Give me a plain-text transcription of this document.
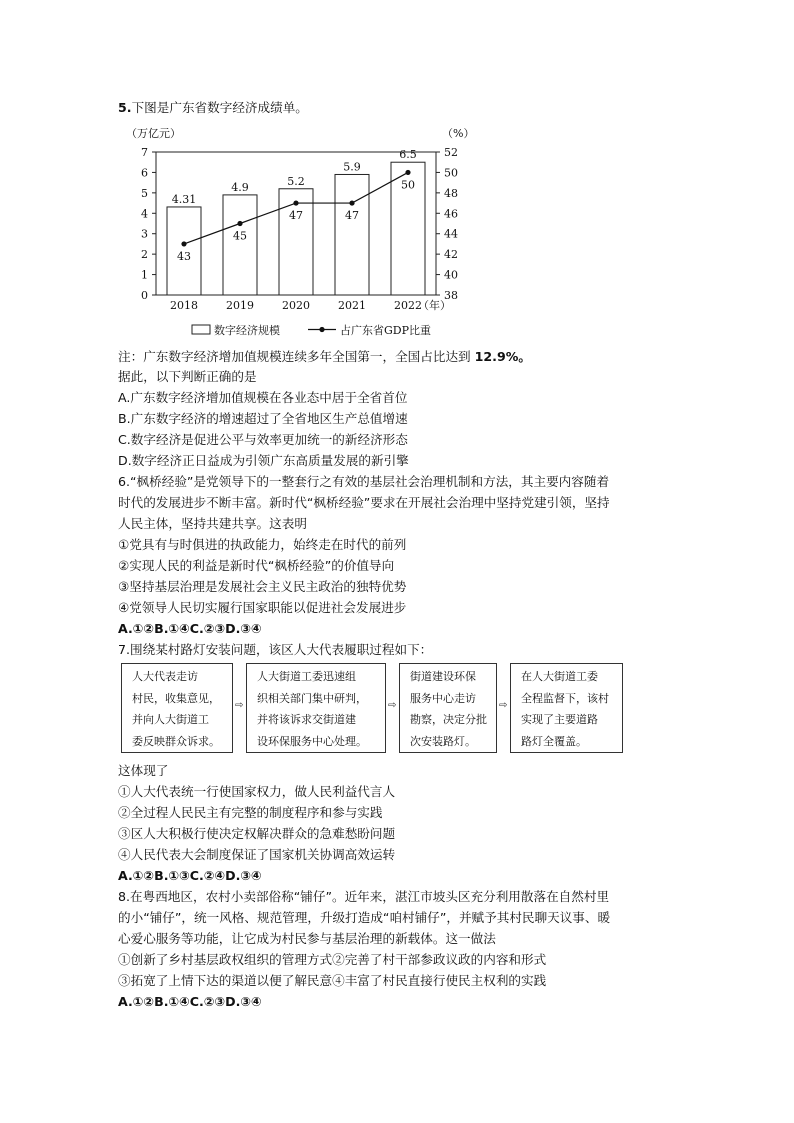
5.下图是广东省数字经济成绩单。
（万亿元）	（%）
0
1
2
3
4
5
6
7
38
40
42
44
46
48
50
52
2018	2019	2020	2021	2022
（年）
数字经济规模	占广东省GDP比重
4.31
4.9	5.2
5.9
6.5
43
45
47	47
50
注：广东数字经济增加值规模连续多年全国第一，全国占比达到 12.9%。
据此，以下判断正确的是
A.广东数字经济增加值规模在各业态中居于全省首位
B.广东数字经济的增速超过了全省地区生产总值增速
C.数字经济是促进公平与效率更加统一的新经济形态
D.数字经济正日益成为引领广东高质量发展的新引擎
6.“枫桥经验”是党领导下的一整套行之有效的基层社会治理机制和方法，其主要内容随着
时代的发展进步不断丰富。新时代“枫桥经验”要求在开展社会治理中坚持党建引领，坚持
人民主体，坚持共建共享。这表明
①党具有与时俱进的执政能力，始终走在时代的前列
②实现人民的利益是新时代“枫桥经验”的价值导向
③坚持基层治理是发展社会主义民主政治的独特优势
④党领导人民切实履行国家职能以促进社会发展进步
A.①②B.①④C.②③D.③④
7.围绕某村路灯安装问题，该区人大代表履职过程如下：
人大代表走访
村民，收集意见，
并向人大街道工
委反映群众诉求。
⇨
人大街道工委迅速组
织相关部门集中研判，
并将该诉求交街道建
设环保服务中心处理。
⇨
街道建设环保
服务中心走访
勘察，决定分批
次安装路灯。
⇨
在人大街道工委
全程监督下，该村
实现了主要道路
路灯全覆盖。
这体现了
①人大代表统一行使国家权力，做人民利益代言人
②全过程人民民主有完整的制度程序和参与实践
③区人大积极行使决定权解决群众的急难愁盼问题
④人民代表大会制度保证了国家机关协调高效运转
A.①②B.①③C.②④D.③④
8.在粤西地区，农村小卖部俗称“铺仔”。近年来，湛江市坡头区充分利用散落在自然村里
的小“铺仔”，统一风格、规范管理，升级打造成“咱村铺仔”，并赋予其村民聊天议事、暖
心爱心服务等功能，让它成为村民参与基层治理的新载体。这一做法
①创新了乡村基层政权组织的管理方式②完善了村干部参政议政的内容和形式
③拓宽了上情下达的渠道以便了解民意④丰富了村民直接行使民主权利的实践
A.①②B.①④C.②③D.③④
